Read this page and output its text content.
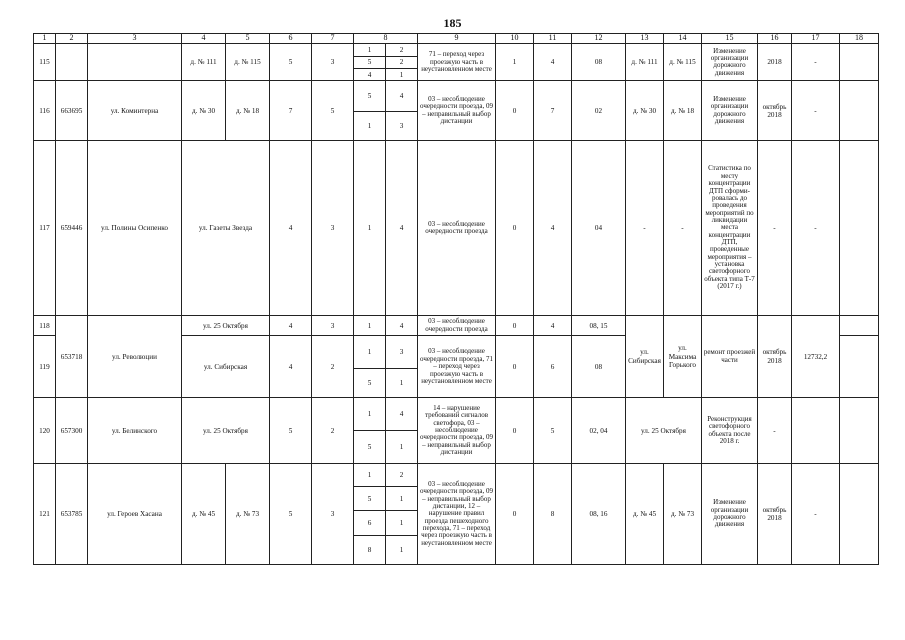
185
1	2	3	4	5	6	7	8		9	10	11	12	13	14	15	16	17	18
115			д. № 111	д. № 115	5	3	1	2	71 – переход через проезжую часть в неустановленном месте	1	4	08	д. № 111	д. № 115	Изменение организации дорожного движения	2018	-	
							5	2										
							4	1										
116	663695	ул. Коминтерна	д. № 30	д. № 18	7	5	5	4	03 – несоблюдение очередности проезда, 09 – неправильный выбор дистанции	0	7	02	д. № 30	д. № 18	Изменение организации дорожного движения	октябрь 2018	-	
							1	3										
117	659446	ул. Полины Осипенко	ул. Газеты Звезда		4	3	1	4	03 – несоблюдение очередности проезда	0	4	04	-	-	Статистика по месту концентрации ДТП сформи-ровалась до проведения мероприятий по ликвидации места концентрации ДТП, проведенные мероприятия – установка светофорного объекта типа Т-7 (2017 г.)	-	-	
118	653718	ул. Революции	ул. 25 Октября		4	3	1	4	03 – несоблюдение очередности проезда	0	4	08, 15	ул. Сибирская	ул. Максима Горького	ремонт проезжей части	октябрь 2018	12732,2	
119			ул. Сибирская		4	2	1	3	03 – несоблюдение очередности проезда, 71 – переход через проезжую часть в неустановленном месте	0	6	08						
							5	1										
120	657300	ул. Белинского	ул. 25 Октября		5	2	1	4	14 – нарушение требований сигналов светофора, 03 – несоблюдение очередности проезда, 09 – неправильный выбор дистанции	0	5	02, 04	ул. 25 Октября		Реконструкция светофорного объекта после 2018 г.	-		
							5	1										
121	653785	ул. Героев Хасана	д. № 45	д. № 73	5	3	1	2	03 – несоблюдение очередности проезда, 09 – неправильный выбор дистанции, 12 – нарушение правил проезда пешеходного перехода, 71 – переход через проезжую часть в неустановленном месте	0	8	08, 16	д. № 45	д. № 73	Изменение организации дорожного движения	октябрь 2018	-	
							5	1										
							6	1										
							8	1										
